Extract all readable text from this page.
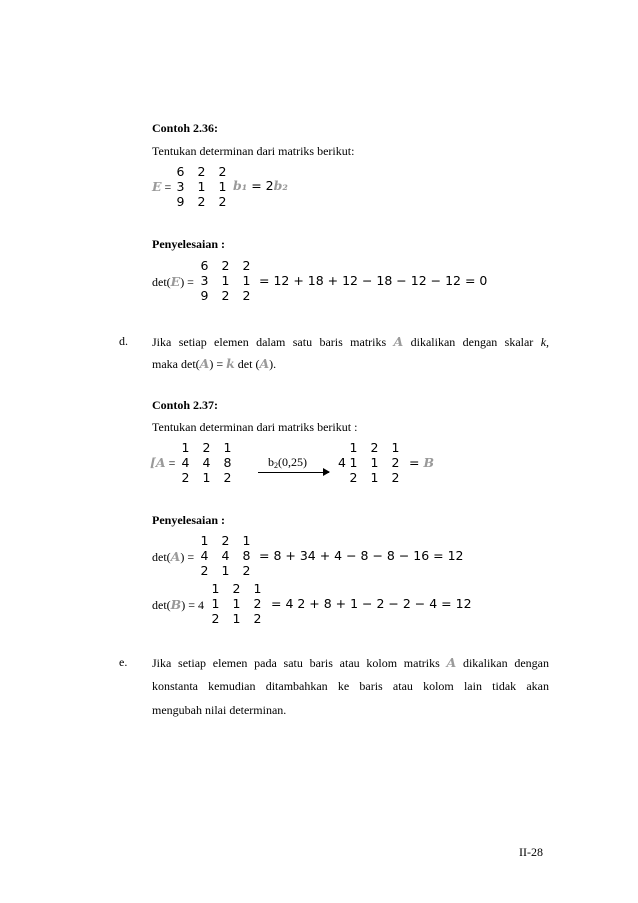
Contoh 2.36:
Tentukan determinan dari matriks berikut:
E =
6	2	2
3	1	1
9	2	2
b₁ = 2b₂
Penyelesaian :
det(E) =
6	2	2
3	1	1
9	2	2
= 12 + 18 + 12 − 18 − 12 − 12 = 0
d. Jika setiap elemen dalam satu baris matriks A dikalikan dengan skalar k,
maka det(A) = k det (A).
Contoh 2.37:
Tentukan determinan dari matriks berikut :
[A =
1	2	1
4	4	8
2	1	2
$b_2(0,25)$ 4
1	2	1
1	1	2
2	1	2
= B
Penyelesaian :
det(A) =
1	2	1
4	4	8
2	1	2
= 8 + 34 + 4 − 8 − 8 − 16 = 12
det(B) = 4
1	2	1
1	1	2
2	1	2
= 4 2 + 8 + 1 − 2 − 2 − 4 = 12
e. Jika setiap elemen pada satu baris atau kolom matriks A dikalikan dengan
konstanta kemudian ditambahkan ke baris atau kolom lain tidak akan
mengubah nilai determinan.
II-28
